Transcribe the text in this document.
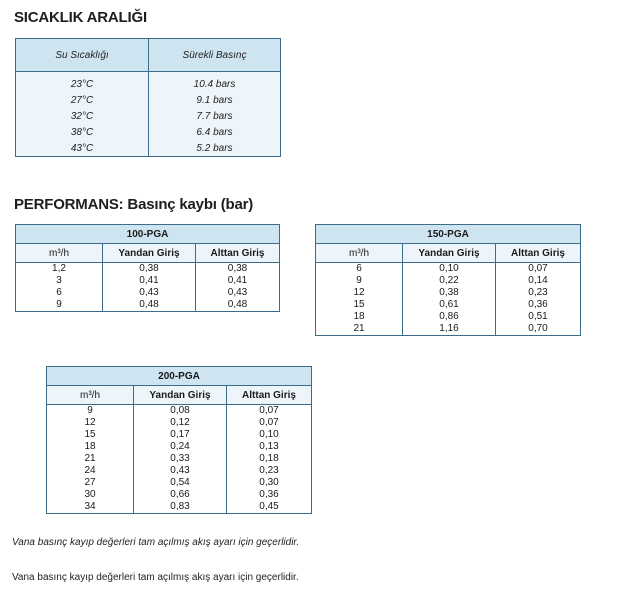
SICAKLIK ARALIĞI
Su Sıcaklığı	Sürekli Basınç
23°C	10.4 bars
27°C	9.1 bars
32°C	7.7 bars
38°C	6.4 bars
43°C	5.2 bars
PERFORMANS: Basınç kaybı (bar)
100-PGA		
m³/h	Yandan Giriş	Alttan Giriş
1,2	0,38	0,38
3	0,41	0,41
6	0,43	0,43
9	0,48	0,48
150-PGA		
m³/h	Yandan Giriş	Alttan Giriş
6	0,10	0,07
9	0,22	0,14
12	0,38	0,23
15	0,61	0,36
18	0,86	0,51
21	1,16	0,70
200-PGA		
m³/h	Yandan Giriş	Alttan Giriş
9	0,08	0,07
12	0,12	0,07
15	0,17	0,10
18	0,24	0,13
21	0,33	0,18
24	0,43	0,23
27	0,54	0,30
30	0,66	0,36
34	0,83	0,45
Vana basınç kayıp değerleri tam açılmış akış ayarı için geçerlidir.
Vana basınç kayıp değerleri tam açılmış akış ayarı için geçerlidir.
